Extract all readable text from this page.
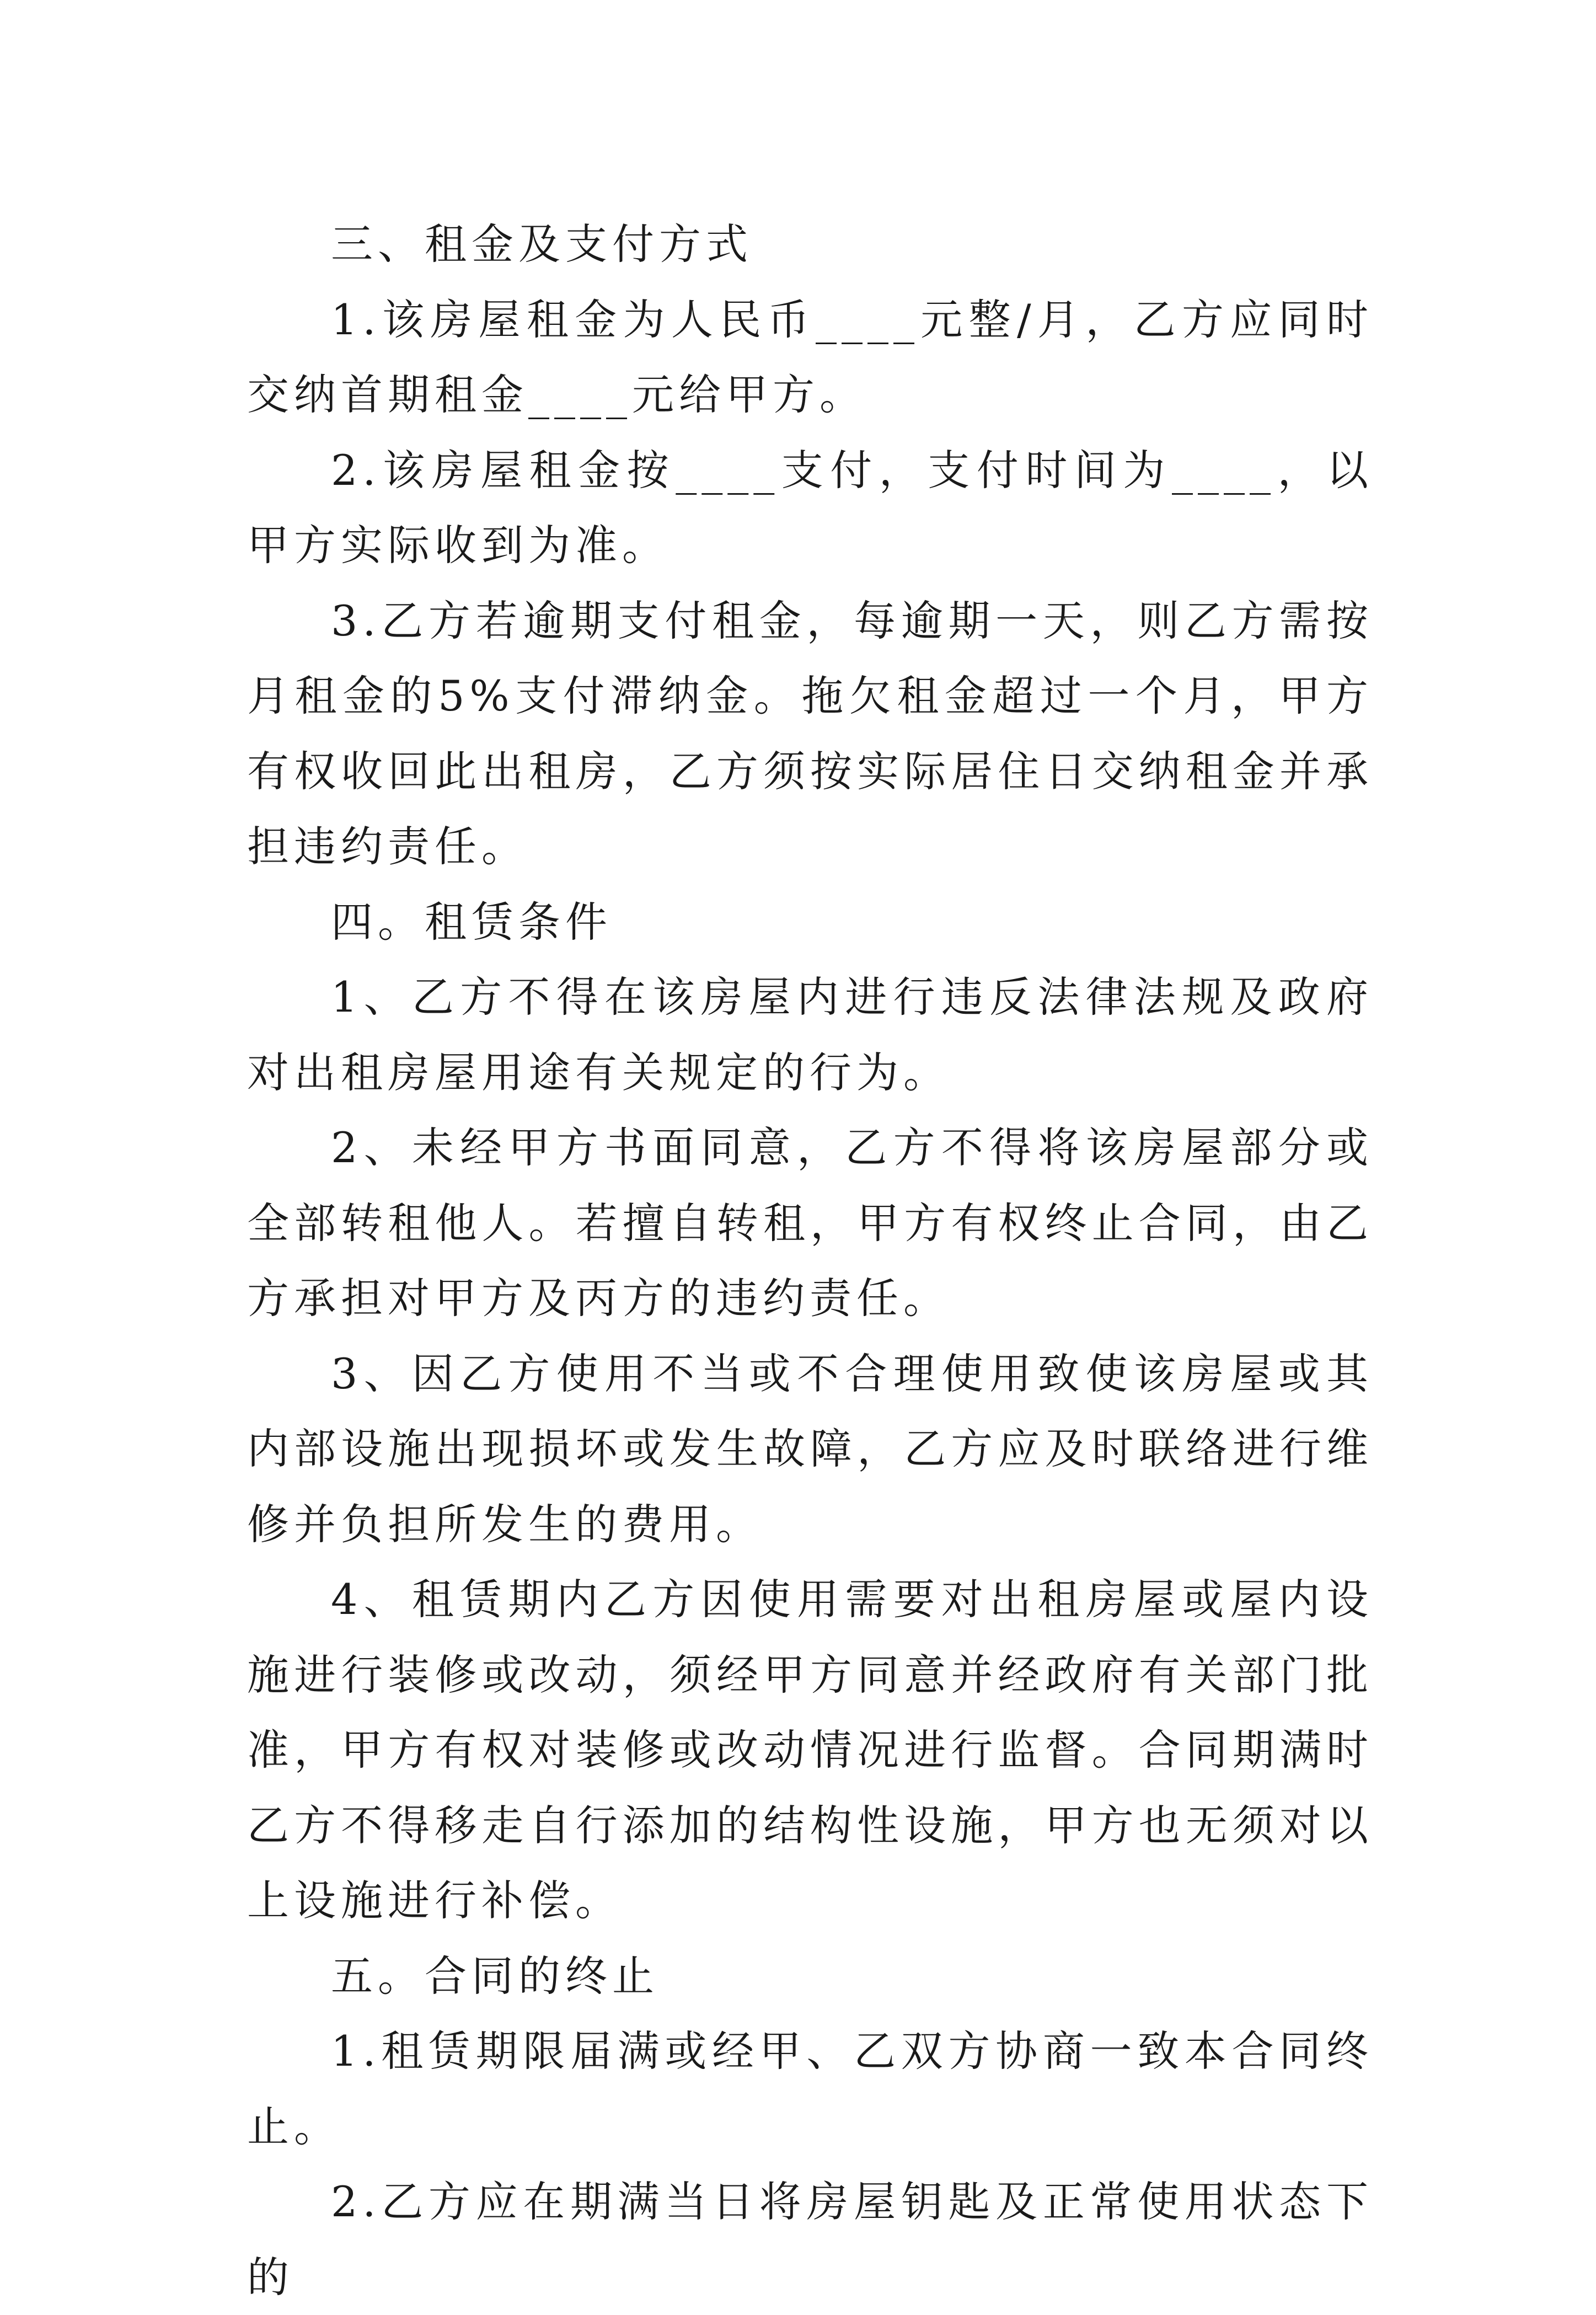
三、租金及支付方式

1.该房屋租金为人民币____元整/月，乙方应同时交纳首期租金____元给甲方。

2.该房屋租金按____支付，支付时间为____，以甲方实际收到为准。

3.乙方若逾期支付租金，每逾期一天，则乙方需按月租金的5%支付滞纳金。拖欠租金超过一个月，甲方有权收回此出租房，乙方须按实际居住日交纳租金并承担违约责任。

四。租赁条件

1、乙方不得在该房屋内进行违反法律法规及政府对出租房屋用途有关规定的行为。

2、未经甲方书面同意，乙方不得将该房屋部分或全部转租他人。若擅自转租，甲方有权终止合同，由乙方承担对甲方及丙方的违约责任。

3、因乙方使用不当或不合理使用致使该房屋或其内部设施出现损坏或发生故障，乙方应及时联络进行维修并负担所发生的费用。

4、租赁期内乙方因使用需要对出租房屋或屋内设施进行装修或改动，须经甲方同意并经政府有关部门批准，甲方有权对装修或改动情况进行监督。合同期满时乙方不得移走自行添加的结构性设施，甲方也无须对以上设施进行补偿。

五。合同的终止

1.租赁期限届满或经甲、乙双方协商一致本合同终止。

2.乙方应在期满当日将房屋钥匙及正常使用状态下的
